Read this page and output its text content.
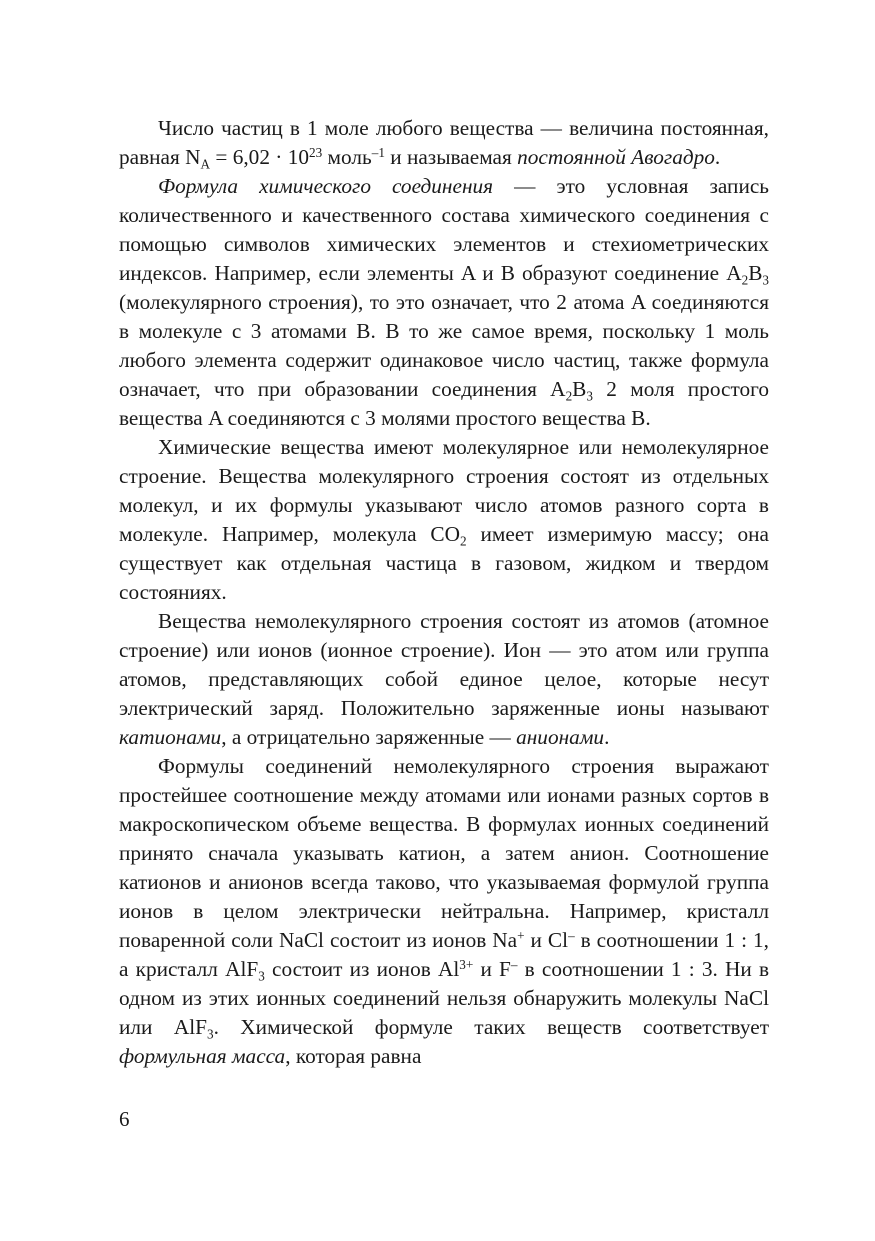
Число частиц в 1 моле любого вещества — величина постоянная, равная $N_A = 6,02 \cdot 10^{23}$ моль$^{-1}$ и называемая постоянной Авогадро.

Формула химического соединения — это условная запись количественного и качественного состава химического соединения с помощью символов химических элементов и стехиометрических индексов. Например, если элементы A и B образуют соединение $A_2B_3$ (молекулярного строения), то это означает, что 2 атома A соединяются в молекуле с 3 атомами B. В то же самое время, поскольку 1 моль любого элемента содержит одинаковое число частиц, также формула означает, что при образовании соединения $A_2B_3$ 2 моля простого вещества A соединяются с 3 молями простого вещества B.

Химические вещества имеют молекулярное или немолекулярное строение. Вещества молекулярного строения состоят из отдельных молекул, и их формулы указывают число атомов разного сорта в молекуле. Например, молекула $CO_2$ имеет измеримую массу; она существует как отдельная частица в газовом, жидком и твердом состояниях.

Вещества немолекулярного строения состоят из атомов (атомное строение) или ионов (ионное строение). Ион — это атом или группа атомов, представляющих собой единое целое, которые несут электрический заряд. Положительно заряженные ионы называют катионами, а отрицательно заряженные — анионами.

Формулы соединений немолекулярного строения выражают простейшее соотношение между атомами или ионами разных сортов в макроскопическом объеме вещества. В формулах ионных соединений принято сначала указывать катион, а затем анион. Соотношение катионов и анионов всегда таково, что указываемая формулой группа ионов в целом электрически нейтральна. Например, кристалл поваренной соли NaCl состоит из ионов Na+ и Cl– в соотношении 1 : 1, а кристалл AlF$_3$ состоит из ионов $Al^{3+}$ и F– в соотношении 1 : 3. Ни в одном из этих ионных соединений нельзя обнаружить молекулы NaCl или AlF$_3$. Химической формуле таких веществ соответствует формульная масса, которая равна

6
